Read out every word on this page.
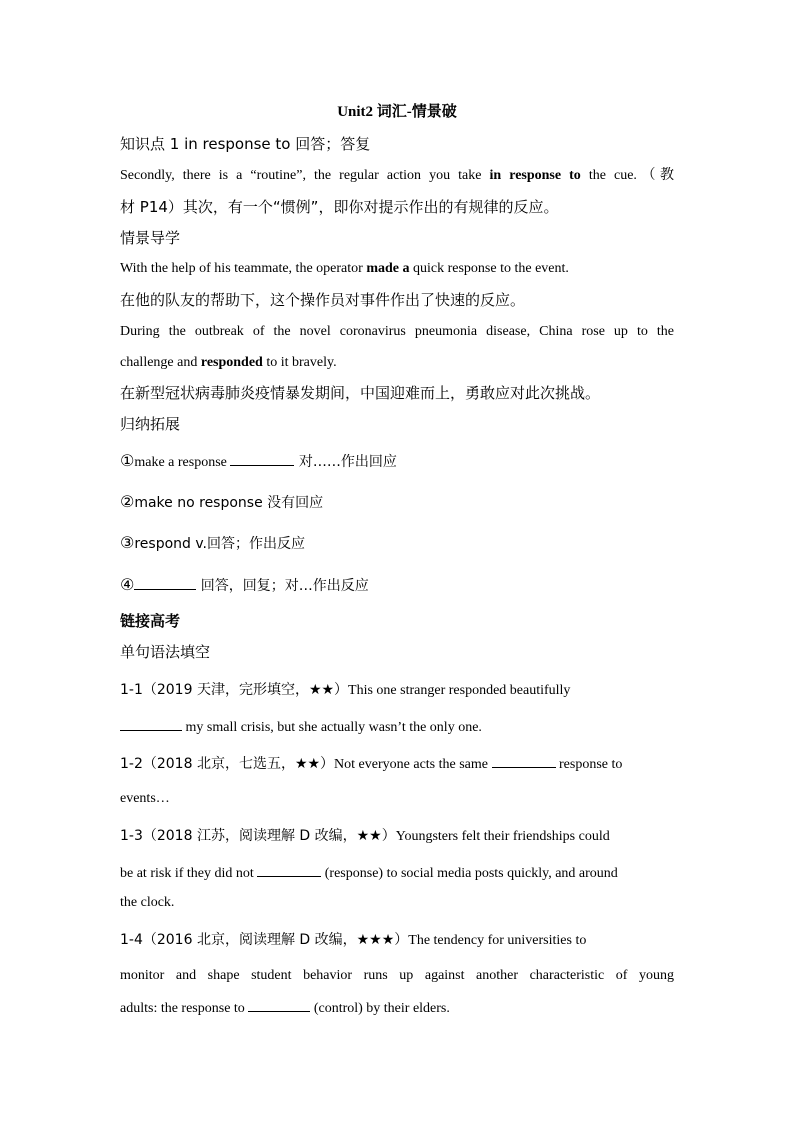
Unit2 词汇-情景破
知识点 1 in response to 回答；答复
Secondly, there is a “routine”, the regular action you take in response to the cue.（教
材 P14）其次，有一个“惯例”，即你对提示作出的有规律的反应。
情景导学
With the help of his teammate, the operator made a quick response to the event.
在他的队友的帮助下，这个操作员对事件作出了快速的反应。
During the outbreak of the novel coronavirus pneumonia disease, China rose up to the
challenge and responded to it bravely.
在新型冠状病毒肺炎疫情暴发期间，中国迎难而上，勇敢应对此次挑战。
归纳拓展
①make a response	对……作出回应
②make no response 没有回应
③respond v.回答；作出反应
④	回答，回复；对…作出反应
链接高考
单句语法填空
1-1（2019 天津，完形填空，★★）This one stranger responded beautifully
my small crisis, but she actually wasn’t the only one.
1-2（2018 北京，七选五，★★）Not everyone acts the same	response to
events…
1-3（2018 江苏，阅读理解 D 改编，★★）Youngsters felt their friendships could
be at risk if they did not	(response) to social media posts quickly, and around
the clock.
1-4（2016 北京，阅读理解 D 改编，★★★）The tendency for universities to
monitor and shape student behavior runs up against another characteristic of young
adults: the response to	(control) by their elders.
